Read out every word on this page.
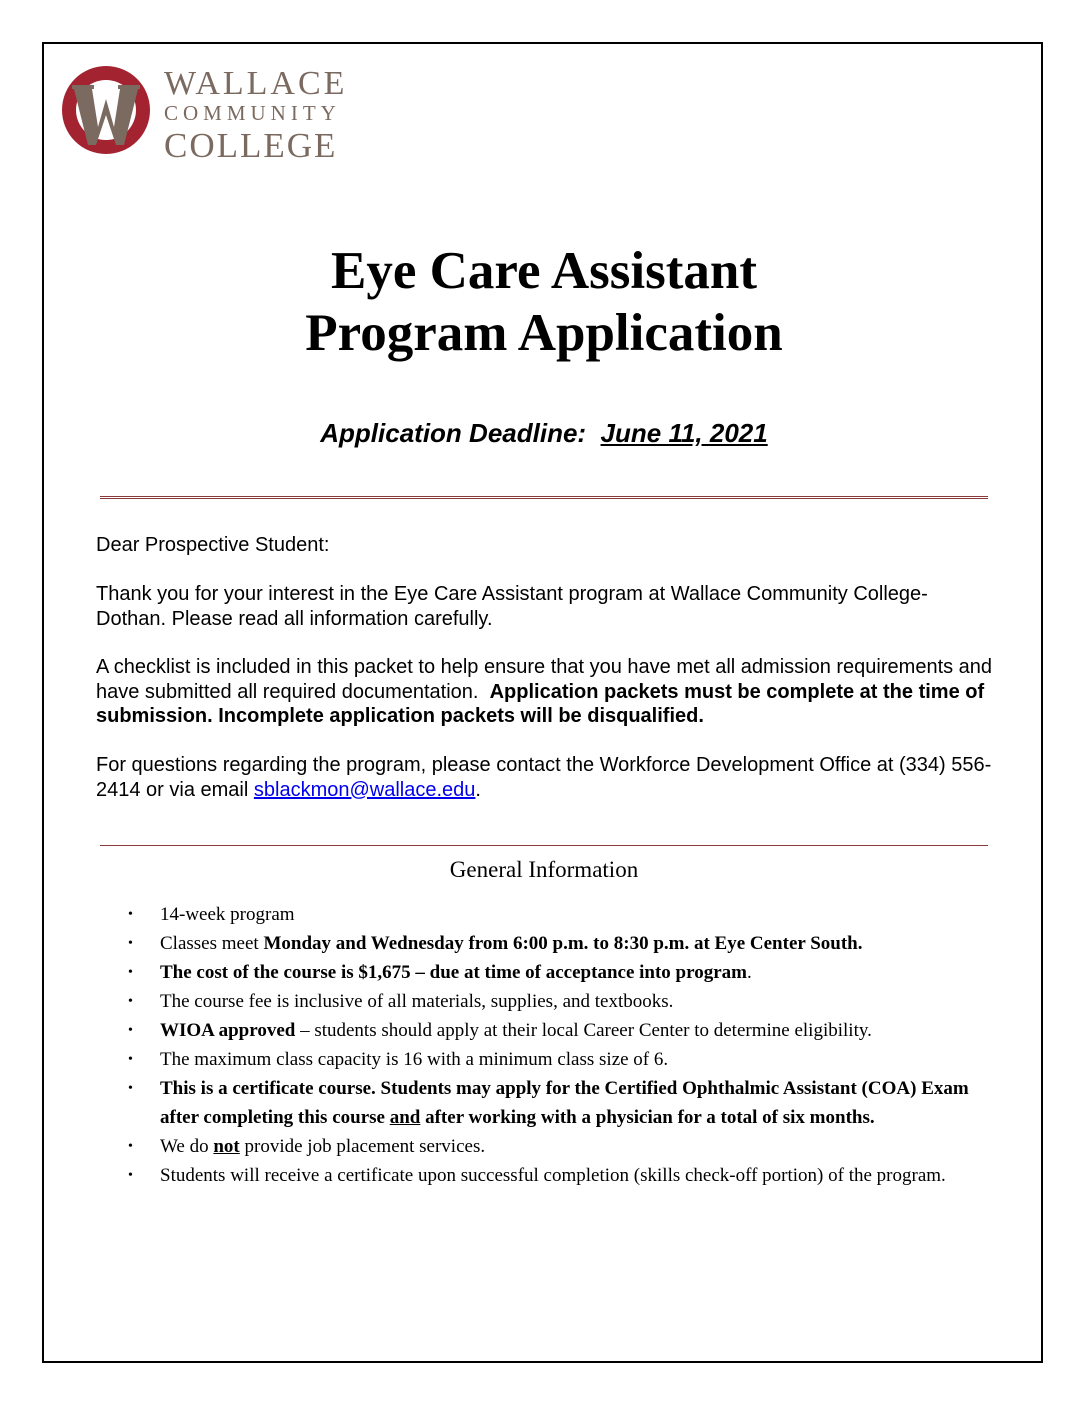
WALLACE
COMMUNITY
COLLEGE
Eye Care Assistant
Program Application
Application Deadline: June 11, 2021
Dear Prospective Student:
Thank you for your interest in the Eye Care Assistant program at Wallace Community College-Dothan. Please read all information carefully.
A checklist is included in this packet to help ensure that you have met all admission requirements and have submitted all required documentation. Application packets must be complete at the time of submission. Incomplete application packets will be disqualified.
For questions regarding the program, please contact the Workforce Development Office at (334) 556-2414 or via email sblackmon@wallace.edu.
General Information
• 14-week program
• Classes meet Monday and Wednesday from 6:00 p.m. to 8:30 p.m. at Eye Center South.
• The cost of the course is $1,675 – due at time of acceptance into program.
• The course fee is inclusive of all materials, supplies, and textbooks.
• WIOA approved – students should apply at their local Career Center to determine eligibility.
• The maximum class capacity is 16 with a minimum class size of 6.
• This is a certificate course. Students may apply for the Certified Ophthalmic Assistant (COA) Exam after completing this course and after working with a physician for a total of six months.
• We do not provide job placement services.
• Students will receive a certificate upon successful completion (skills check-off portion) of the program.
